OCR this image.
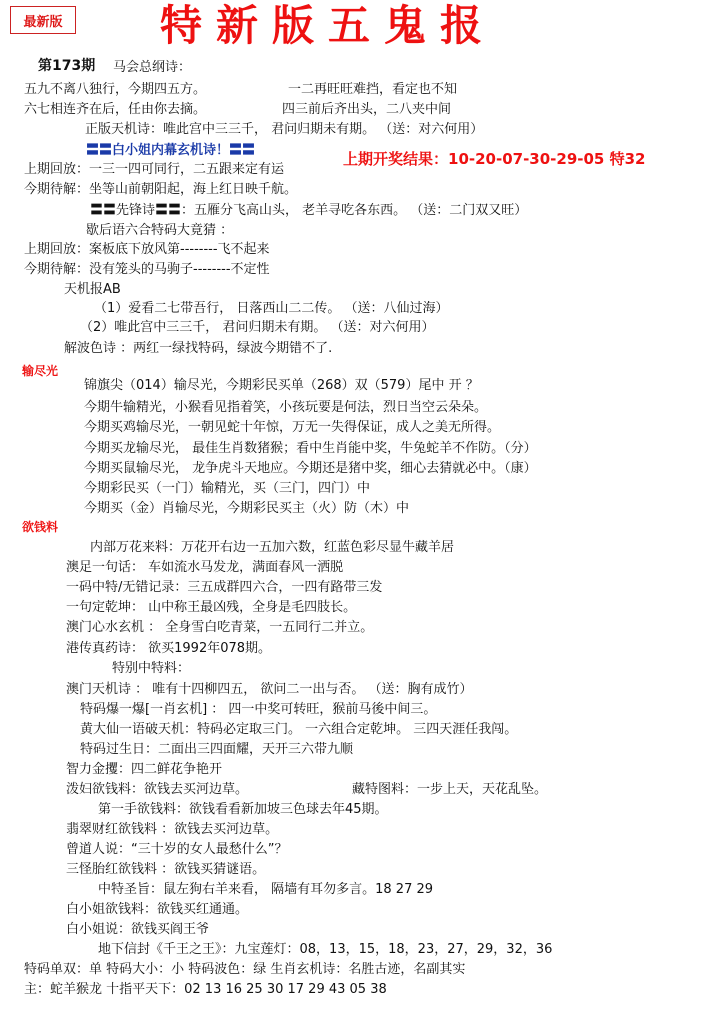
最新版	特新版五鬼报
第173期
上期开奖结果：10-20-07-30-29-05 特32
输尽光
欲钱料
马会总纲诗：
五九不离八独行，今期四五方。	一二再旺旺难挡，看定也不知
六七相连齐在后，任由你去摘。	四三前后齐出头，二八夹中间
正版天机诗：唯此宫中三三千， 君问归期未有期。 （送：对六何用）
〓〓白小姐内幕玄机诗！〓〓
上期回放：一三一四可同行，二五跟来定有运
今期待解：坐等山前朝阳起，海上红日映千航。
〓〓先锋诗〓〓：五雁分飞高山头， 老羊寻吃各东西。 （送：二门双又旺）
歇后语六合特码大竟猜 ：
上期回放：案板底下放风第--------飞不起来
今期待解：没有笼头的马驹子--------不定性
天机报AB
（1）爱看二七带吾行， 日落西山二二传。 （送：八仙过海）
（2）唯此宫中三三千， 君问归期未有期。 （送：对六何用）
解波色诗 ：两红一绿找特码，绿波今期错不了.
锦旗尖（014）输尽光，今期彩民买单（268）双（579）尾中 开 ？
今期牛输精光，小猴看见指着笑，小孩玩要是何法，烈日当空云朵朵。
今期买鸡输尽光，一朝见蛇十年惊，万无一失得保证，成人之美无所得。
今期买龙输尽光， 最佳生肖数猪猴；看中生肖能中奖，牛兔蛇羊不作防。（分）
今期买鼠输尽光， 龙争虎斗天地应。今期还是猪中奖，细心去猜就必中。（康）
今期彩民买（一门）输精光，买（三门，四门）中
今期买（金）肖输尽光，今期彩民买主（火）防（木）中
内部万花来料：万花开右边一五加六数，红蓝色彩尽显牛藏羊居
澳足一句话： 车如流水马发龙，满面春风一洒脱
一码中特/无错记录：三五成群四六合，一四有路带三发
一句定乾坤： 山中称王最凶残，全身是毛四肢长。
澳门心水玄机 ： 全身雪白吃青菜，一五同行二并立。
港传真药诗： 欲买1992年078期。
特别中特料：
澳门天机诗 ： 唯有十四柳四五， 欲问二一出与否。 （送：胸有成竹）
特码爆一爆[一肖玄机] ： 四一中奖可转旺，猴前马後中间三。
黄大仙一语破天机：特码必定取三门。 一六组合定乾坤。 三四天涯任我闯。
特码过生日：二面出三四面耀，天开三六带九顺
智力金攫：四二鲜花争艳开
泼妇欲钱料：欲钱去买河边草。	藏特图料：一步上天，天花乱坠。
第一手欲钱料：欲钱看看新加坡三色球去年45期。
翡翠财红欲钱料 ：欲钱去买河边草。
曾道人说：“三十岁的女人最愁什么”？
三怪胎红欲钱料 ：欲钱买猜谜语。
中特圣旨：鼠左狗右羊来看， 隔墙有耳勿多言。18 27 29
白小姐欲钱料：欲钱买红通通。
白小姐说：欲钱买阎王爷
地下信封《千王之王》：九宝莲灯：08，13，15，18，23，27，29，32，36
特码单双：单 特码大小：小 特码波色：绿 生肖玄机诗：名胜古迹，名副其实
主：蛇羊猴龙 十指平天下：02 13 16 25 30 17 29 43 05 38
